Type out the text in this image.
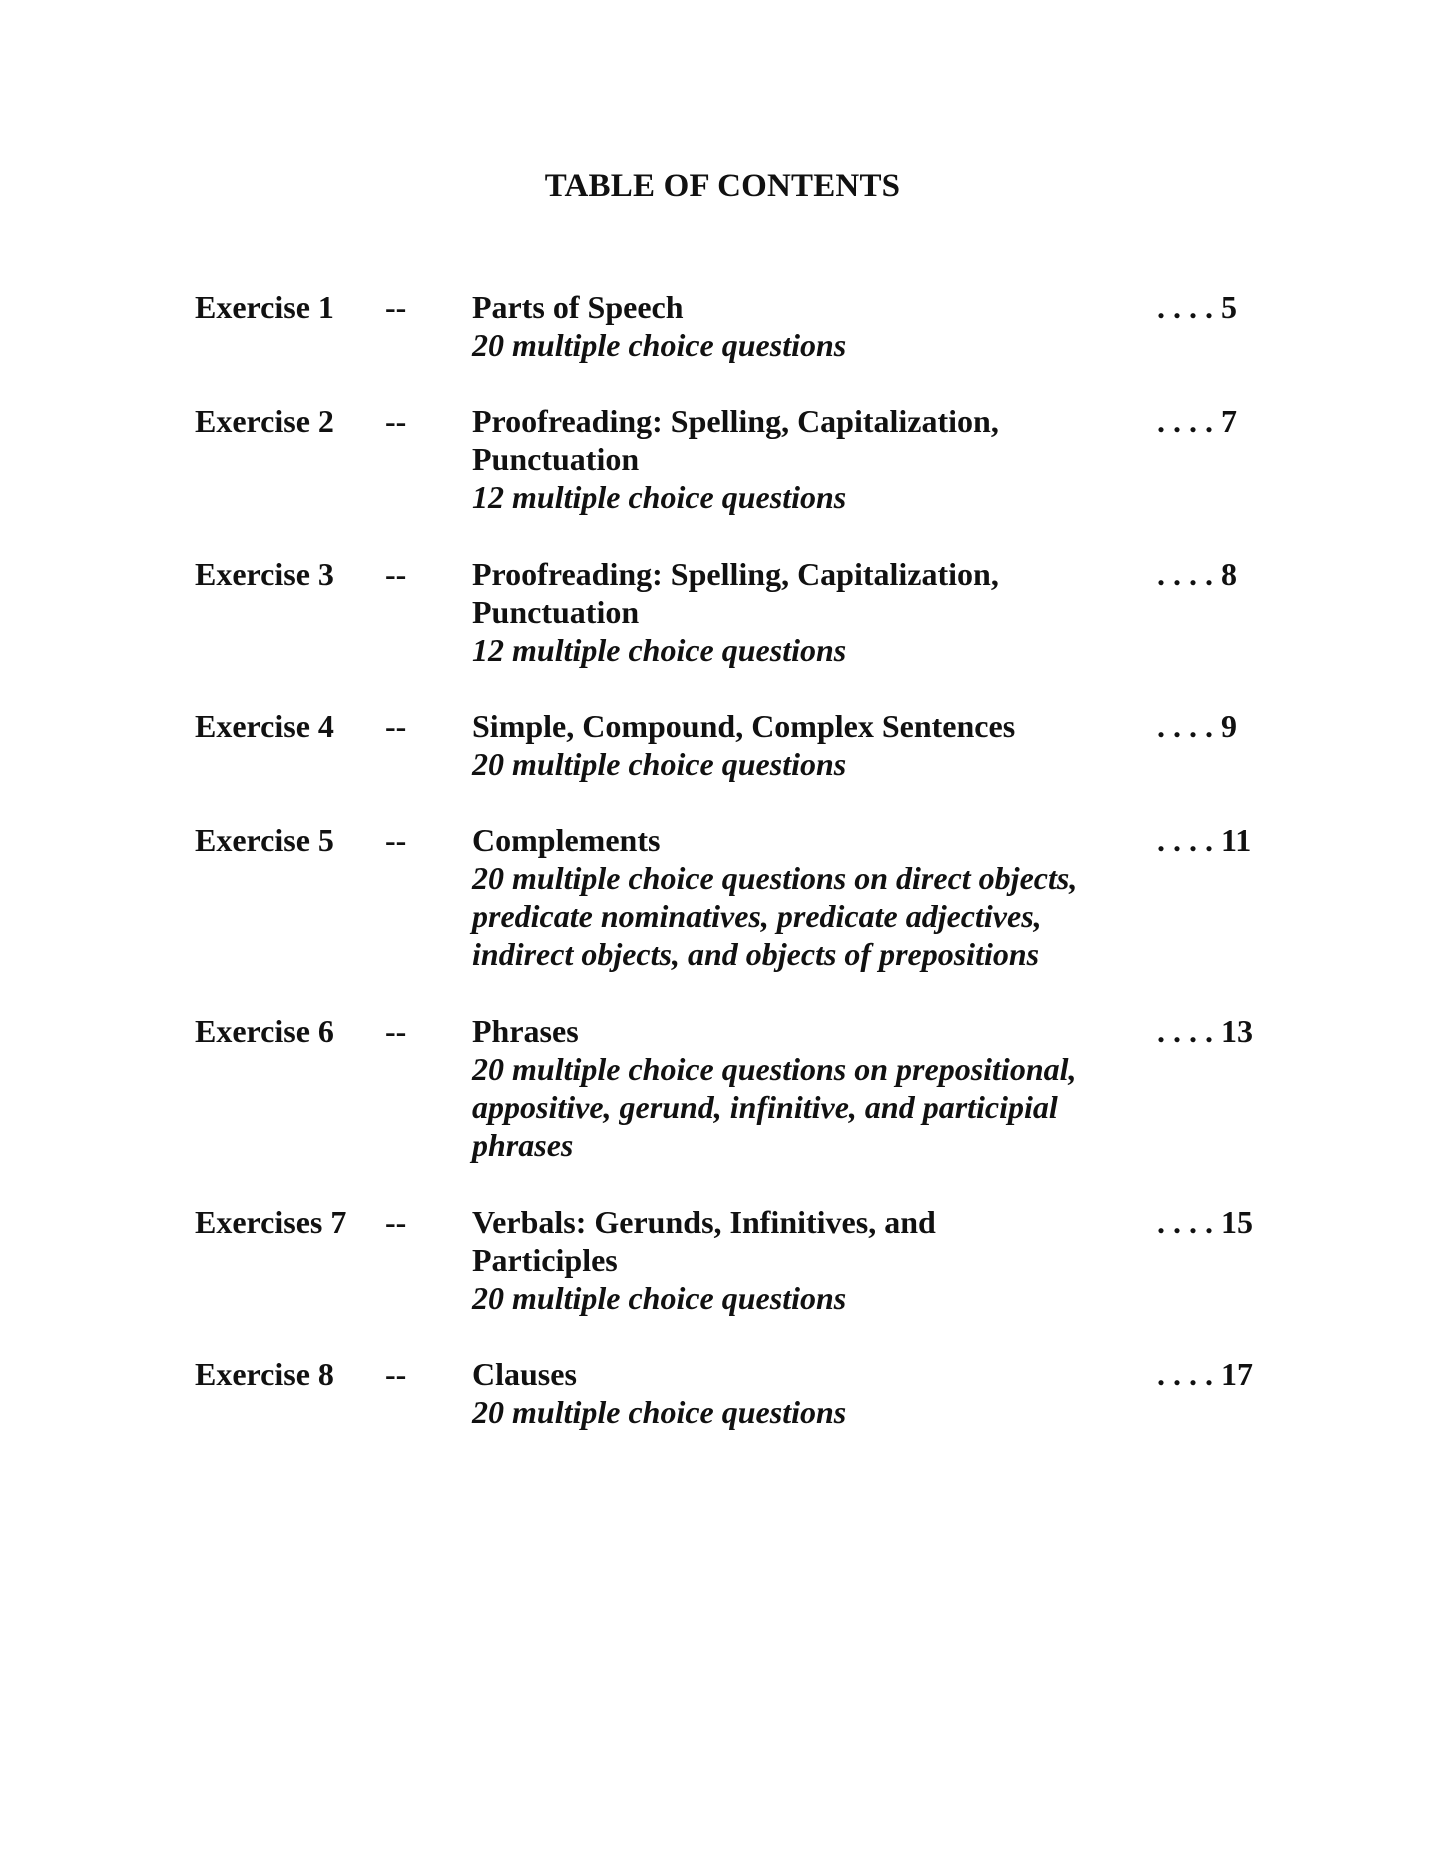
TABLE OF CONTENTS
Exercise 1 -- Parts of Speech
20 multiple choice questions
. . . . 5
Exercise 2 -- Proofreading: Spelling, Capitalization, Punctuation
12 multiple choice questions
. . . . 7
Exercise 3 -- Proofreading: Spelling, Capitalization, Punctuation
12 multiple choice questions
. . . . 8
Exercise 4 -- Simple, Compound, Complex Sentences
20 multiple choice questions
. . . . 9
Exercise 5 -- Complements
20 multiple choice questions on direct objects, predicate nominatives, predicate adjectives, indirect objects, and objects of prepositions
. . . . 11
Exercise 6 -- Phrases
20 multiple choice questions on prepositional, appositive, gerund, infinitive, and participial phrases
. . . . 13
Exercises 7 -- Verbals: Gerunds, Infinitives, and Participles
20 multiple choice questions
. . . . 15
Exercise 8 -- Clauses
20 multiple choice questions
. . . . 17
